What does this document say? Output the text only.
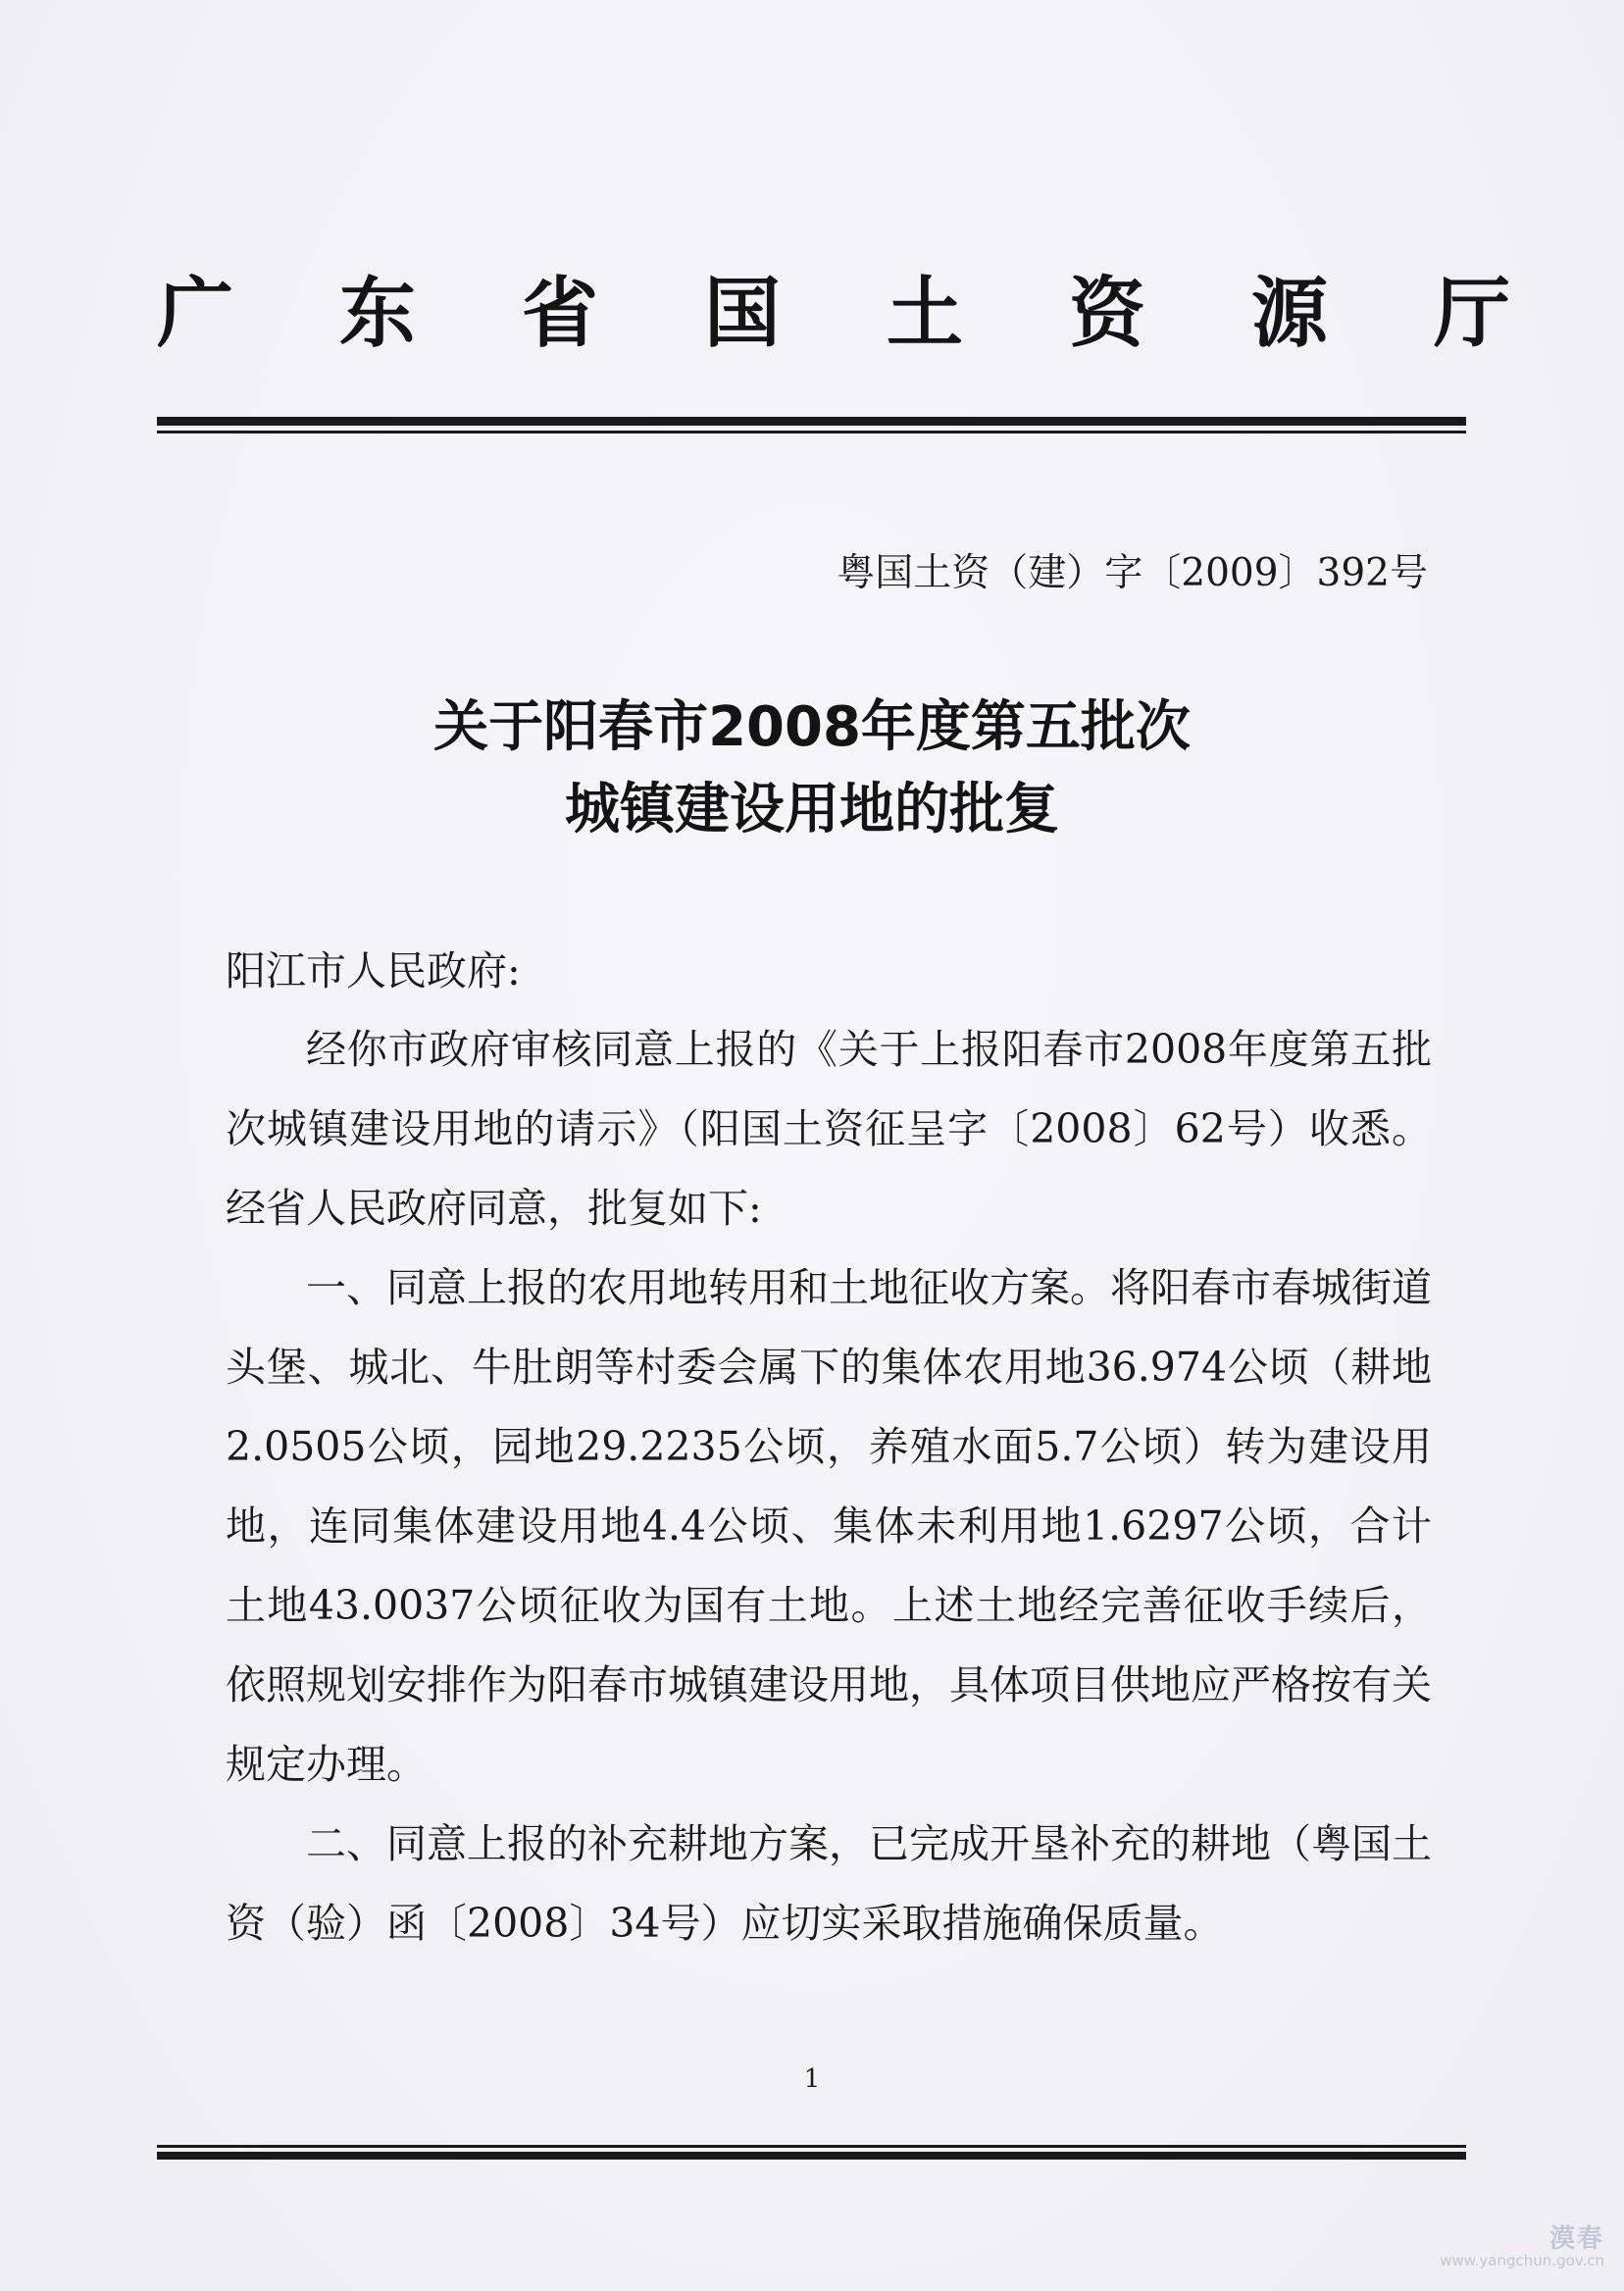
广东省国土资源厅
粤国土资（建）字〔2009〕392号
关于阳春市2008年度第五批次
城镇建设用地的批复
阳江市人民政府:

经你市政府审核同意上报的《关于上报阳春市2008年度第五批次城镇建设用地的请示》（阳国土资征呈字〔2008〕62号）收悉。经省人民政府同意，批复如下:

一、同意上报的农用地转用和土地征收方案。将阳春市春城街道头堡、城北、牛肚朗等村委会属下的集体农用地36.974公顷（耕地2.0505公顷，园地29.2235公顷，养殖水面5.7公顷）转为建设用地，连同集体建设用地4.4公顷、集体未利用地1.6297公顷，合计土地43.0037公顷征收为国有土地。上述土地经完善征收手续后，依照规划安排作为阳春市城镇建设用地，具体项目供地应严格按有关规定办理。

二、同意上报的补充耕地方案，已完成开垦补充的耕地（粤国土资（验）函〔2008〕34号）应切实采取措施确保质量。

1
漠春
www.yangchun.gov.cn
